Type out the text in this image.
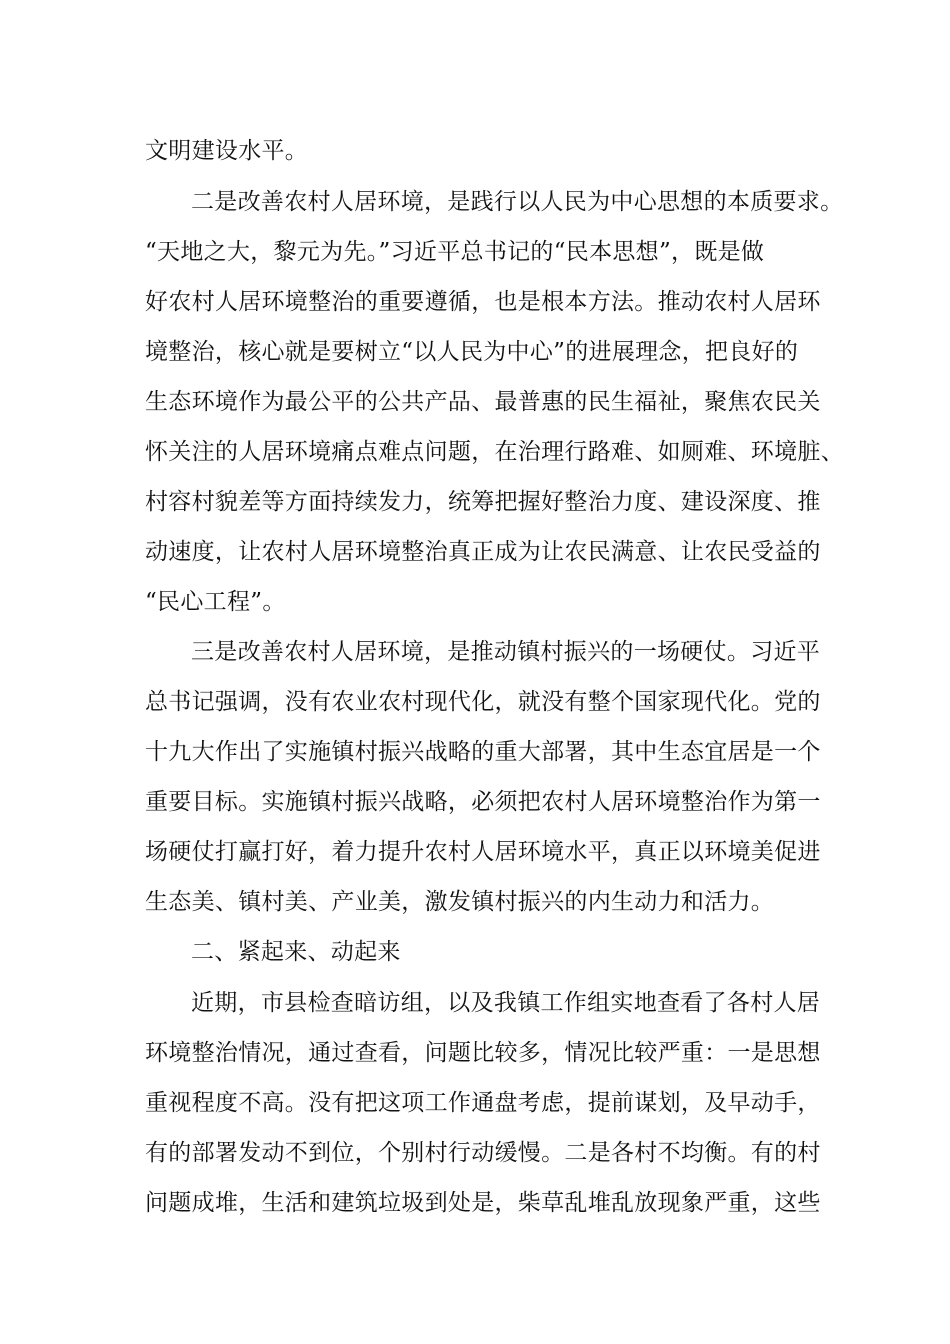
文明建设水平。
二是改善农村人居环境，是践行以人民为中心思想的本质要求。
“天地之大，黎元为先。”习近平总书记的“民本思想”，既是做
好农村人居环境整治的重要遵循，也是根本方法。推动农村人居环
境整治，核心就是要树立“以人民为中心”的进展理念，把良好的
生态环境作为最公平的公共产品、最普惠的民生福祉，聚焦农民关
怀关注的人居环境痛点难点问题，在治理行路难、如厕难、环境脏、
村容村貌差等方面持续发力，统筹把握好整治力度、建设深度、推
动速度，让农村人居环境整治真正成为让农民满意、让农民受益的
“民心工程”。
三是改善农村人居环境，是推动镇村振兴的一场硬仗。习近平
总书记强调，没有农业农村现代化，就没有整个国家现代化。党的
十九大作出了实施镇村振兴战略的重大部署，其中生态宜居是一个
重要目标。实施镇村振兴战略，必须把农村人居环境整治作为第一
场硬仗打赢打好，着力提升农村人居环境水平，真正以环境美促进
生态美、镇村美、产业美，激发镇村振兴的内生动力和活力。
二、紧起来、动起来
近期，市县检查暗访组，以及我镇工作组实地查看了各村人居
环境整治情况，通过查看，问题比较多，情况比较严重：一是思想
重视程度不高。没有把这项工作通盘考虑，提前谋划，及早动手，
有的部署发动不到位，个别村行动缓慢。二是各村不均衡。有的村
问题成堆，生活和建筑垃圾到处是，柴草乱堆乱放现象严重，这些
